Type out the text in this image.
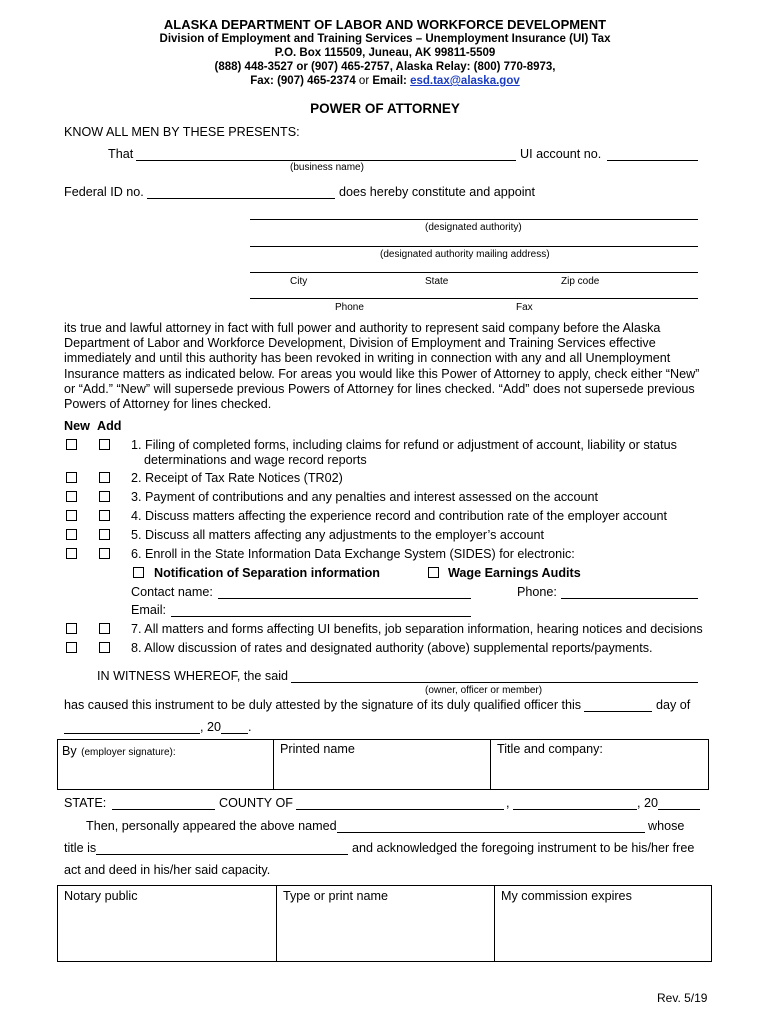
ALASKA DEPARTMENT OF LABOR AND WORKFORCE DEVELOPMENT
Division of Employment and Training Services – Unemployment Insurance (UI) Tax
P.O. Box 115509, Juneau, AK 99811-5509
(888) 448-3527 or (907) 465-2757, Alaska Relay: (800) 770-8973,
Fax: (907) 465-2374 or Email: esd.tax@alaska.gov
POWER OF ATTORNEY
KNOW ALL MEN BY THESE PRESENTS:
That	UI account no.
(business name)
Federal ID no.	does hereby constitute and appoint
(designated authority)
(designated authority mailing address)
City	State	Zip code
Phone	Fax
its true and lawful attorney in fact with full power and authority to represent said company before the Alaska Department of Labor and Workforce Development, Division of Employment and Training Services effective immediately and until this authority has been revoked in writing in connection with any and all Unemployment Insurance matters as indicated below. For areas you would like this Power of Attorney to apply, check either “New” or “Add.” “New” will supersede previous Powers of Attorney for lines checked. “Add” does not supersede previous Powers of Attorney for lines checked.
New Add
1. Filing of completed forms, including claims for refund or adjustment of account, liability or status
determinations and wage record reports
2. Receipt of Tax Rate Notices (TR02)
3. Payment of contributions and any penalties and interest assessed on the account
4. Discuss matters affecting the experience record and contribution rate of the employer account
5. Discuss all matters affecting any adjustments to the employer’s account
6. Enroll in the State Information Data Exchange System (SIDES) for electronic:
Notification of Separation information	Wage Earnings Audits
Contact name:	Phone:
Email:
7. All matters and forms affecting UI benefits, job separation information, hearing notices and decisions
8. Allow discussion of rates and designated authority (above) supplemental reports/payments.
IN WITNESS WHEREOF, the said
(owner, officer or member)
has caused this instrument to be duly attested by the signature of its duly qualified officer this	day of
, 20 .
By (employer signature):	Printed name	Title and company:
STATE:	COUNTY OF	,	, 20
Then, personally appeared the above named	whose
title is	and acknowledged the foregoing instrument to be his/her free
act and deed in his/her said capacity.
Notary public	Type or print name	My commission expires
Rev. 5/19
